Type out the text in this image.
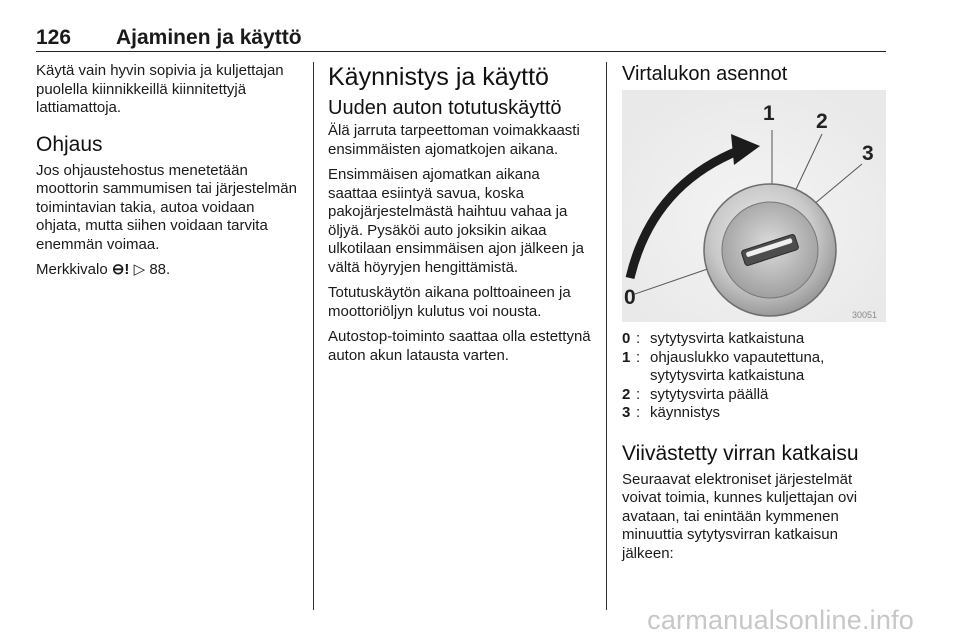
126 Ajaminen ja käyttö

Käytä vain hyvin sopivia ja kuljettajan puolella kiinnikkeillä kiinnitettyjä lattiamattoja.

Ohjaus

Jos ohjaustehostus menetetään moottorin sammumisen tai järjestelmän toimintavian takia, autoa voidaan ohjata, mutta siihen voidaan tarvita enemmän voimaa.

Merkkivalo ⊖! ▷ 88.

Käynnistys ja käyttö
Uuden auton totutuskäyttö

Älä jarruta tarpeettoman voimakkaasti ensimmäisten ajomatkojen aikana.

Ensimmäisen ajomatkan aikana saattaa esiintyä savua, koska pakojärjestelmästä haihtuu vahaa ja öljyä. Pysäköi auto joksikin aikaa ulkotilaan ensimmäisen ajon jälkeen ja vältä höyryjen hengittämistä.

Totutuskäytön aikana polttoaineen ja moottoriöljyn kulutus voi nousta.

Autostop-toiminto saattaa olla estettynä auton akun latausta varten.

Virtalukon asennot
0
1 2
3
30051
0 : sytytysvirta katkaistuna
1 : ohjauslukko vapautettuna, sytytysvirta katkaistuna
2 : sytytysvirta päällä
3 : käynnistys
Viivästetty virran katkaisu

Seuraavat elektroniset järjestelmät voivat toimia, kunnes kuljettajan ovi avataan, tai enintään kymmenen minuuttia sytytysvirran katkaisun jälkeen:

carmanualsonline.info
